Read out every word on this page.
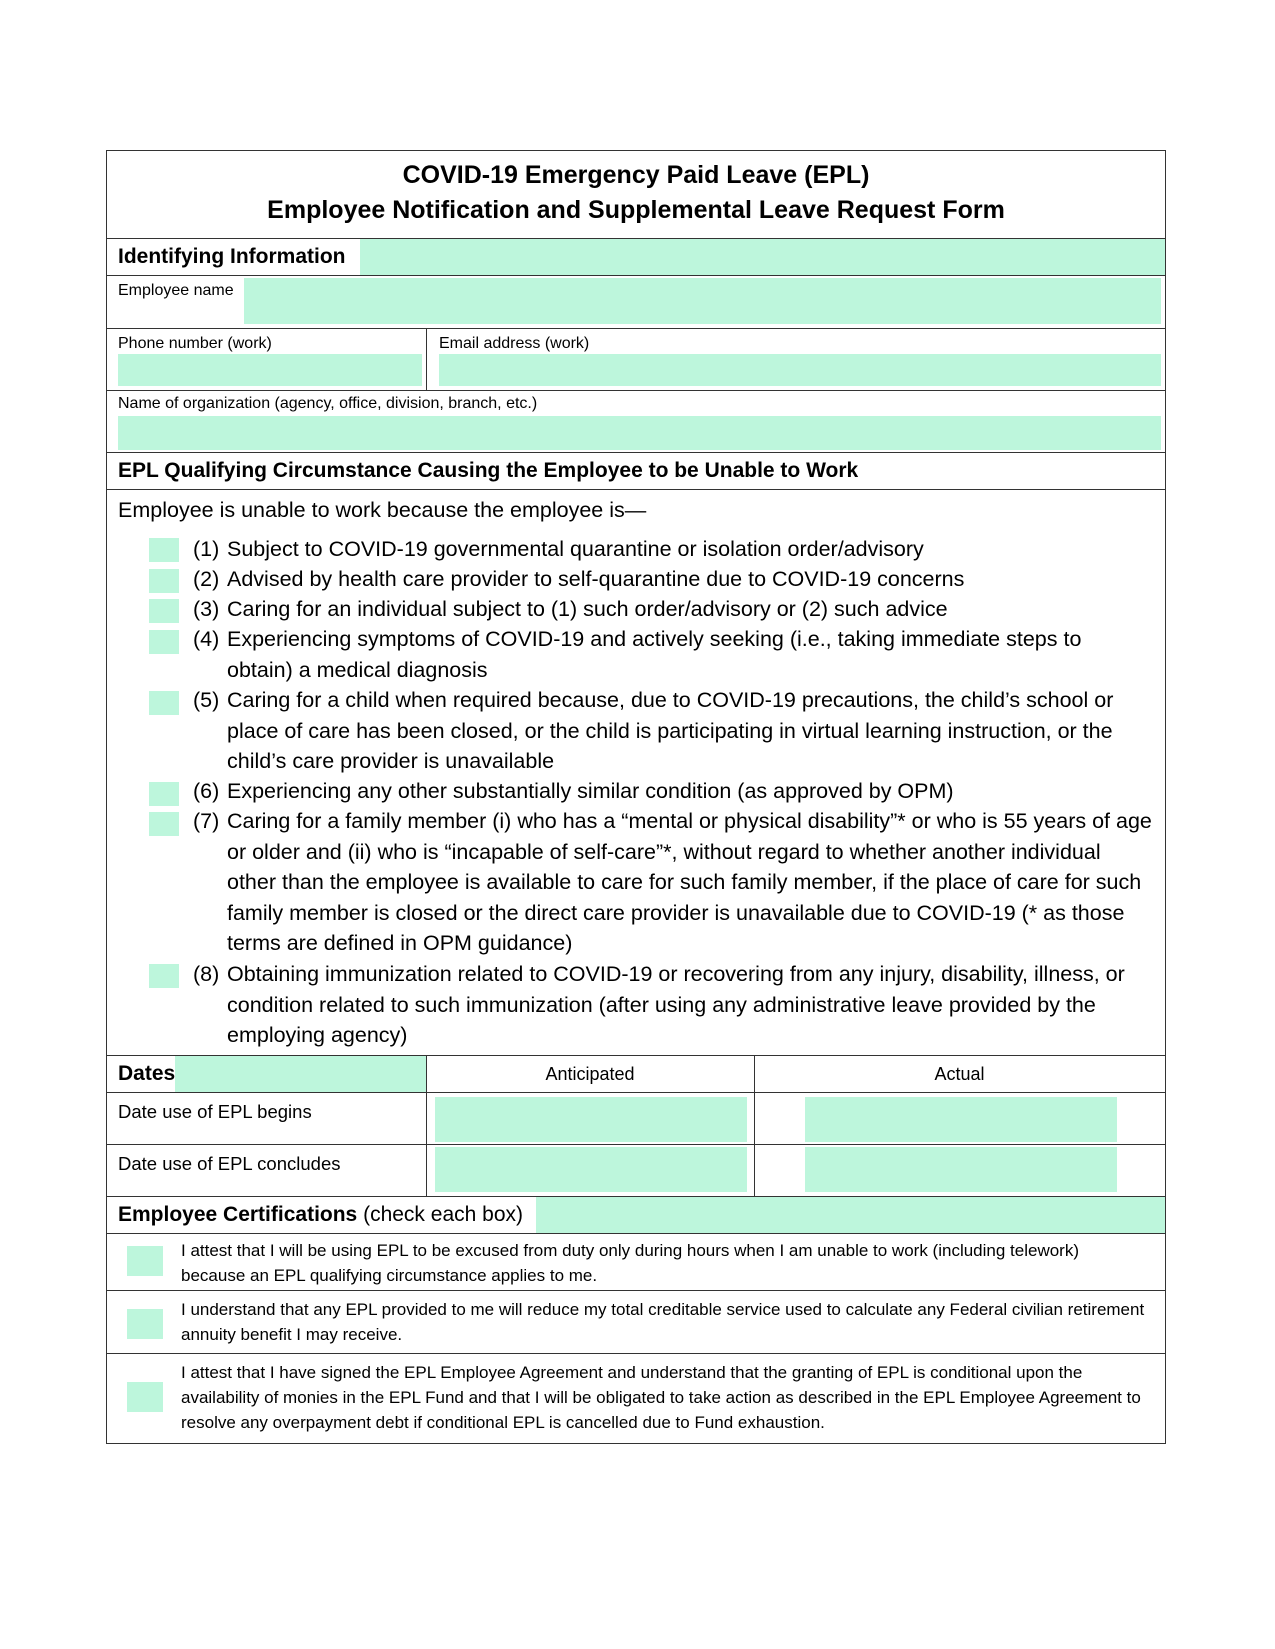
COVID-19 Emergency Paid Leave (EPL)
Employee Notification and Supplemental Leave Request Form
Identifying Information
Employee name
Phone number (work)	Email address (work)
Name of organization (agency, office, division, branch, etc.)
EPL Qualifying Circumstance Causing the Employee to be Unable to Work
Employee is unable to work because the employee is—
(1) Subject to COVID-19 governmental quarantine or isolation order/advisory
(2) Advised by health care provider to self-quarantine due to COVID-19 concerns
(3) Caring for an individual subject to (1) such order/advisory or (2) such advice
(4) Experiencing symptoms of COVID-19 and actively seeking (i.e., taking immediate steps to obtain) a medical diagnosis
(5) Caring for a child when required because, due to COVID-19 precautions, the child’s school or place of care has been closed, or the child is participating in virtual learning instruction, or the child’s care provider is unavailable
(6) Experiencing any other substantially similar condition (as approved by OPM)
(7) Caring for a family member (i) who has a “mental or physical disability”* or who is 55 years of age or older and (ii) who is “incapable of self-care”*, without regard to whether another individual other than the employee is available to care for such family member, if the place of care for such family member is closed or the direct care provider is unavailable due to COVID-19 (* as those terms are defined in OPM guidance)
(8) Obtaining immunization related to COVID-19 or recovering from any injury, disability, illness, or condition related to such immunization (after using any administrative leave provided by the employing agency)
Dates	Anticipated	Actual
Date use of EPL begins
Date use of EPL concludes
Employee Certifications (check each box)
I attest that I will be using EPL to be excused from duty only during hours when I am unable to work (including telework) because an EPL qualifying circumstance applies to me.
I understand that any EPL provided to me will reduce my total creditable service used to calculate any Federal civilian retirement annuity benefit I may receive.
I attest that I have signed the EPL Employee Agreement and understand that the granting of EPL is conditional upon the availability of monies in the EPL Fund and that I will be obligated to take action as described in the EPL Employee Agreement to resolve any overpayment debt if conditional EPL is cancelled due to Fund exhaustion.
